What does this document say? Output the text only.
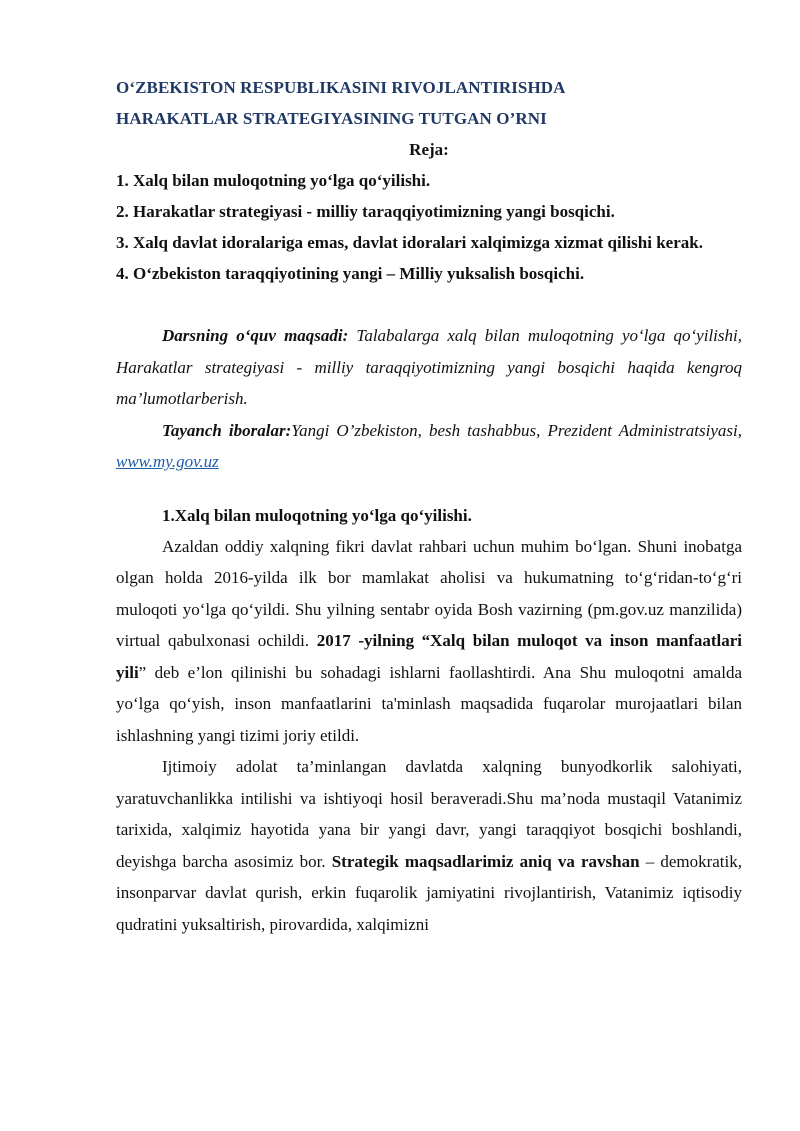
O‘ZBEKISTON RESPUBLIKASINI RIVOJLANTIRISHDA

HARAKATLAR STRATEGIYASINING TUTGAN O’RNI

Reja:

1. Xalq bilan muloqotning yo‘lga qo‘yilishi.

2. Harakatlar strategiyasi - milliy taraqqiyotimizning yangi bosqichi.

3. Xalq davlat idoralariga emas, davlat idoralari xalqimizga xizmat qilishi kerak.

4. O‘zbekiston taraqqiyotining yangi – Milliy yuksalish bosqichi.

Darsning o‘quv maqsadi: Talabalarga xalq bilan muloqotning yo‘lga qo‘yilishi, Harakatlar strategiyasi - milliy taraqqiyotimizning yangi bosqichi haqida kengroq ma’lumotlarberish.

Tayanch iboralar:Yangi O’zbekiston, besh tashabbus, Prezident Administratsiyasi, www.my.gov.uz

1.Xalq bilan muloqotning yo‘lga qo‘yilishi.

Azaldan oddiy xalqning fikri davlat rahbari uchun muhim bo‘lgan. Shuni inobatga olgan holda 2016-yilda ilk bor mamlakat aholisi va hukumatning to‘g‘ridan-to‘g‘ri muloqoti yo‘lga qo‘yildi. Shu yilning sentabr oyida Bosh vazirning (pm.gov.uz manzilida) virtual qabulxonasi ochildi. 2017 -yilning “Xalq bilan muloqot va inson manfaatlari yili” deb e’lon qilinishi bu sohadagi ishlarni faollashtirdi. Ana Shu muloqotni amalda yo‘lga qo‘yish, inson manfaatlarini ta'minlash maqsadida fuqarolar murojaatlari bilan ishlashning yangi tizimi joriy etildi.

Ijtimoiy adolat ta’minlangan davlatda xalqning bunyodkorlik salohiyati, yaratuvchanlikka intilishi va ishtiyoqi hosil beraveradi.Shu ma’noda mustaqil Vatanimiz tarixida, xalqimiz hayotida yana bir yangi davr, yangi taraqqiyot bosqichi boshlandi, deyishga barcha asosimiz bor. Strategik maqsadlarimiz aniq va ravshan – demokratik, insonparvar davlat qurish, erkin fuqarolik jamiyatini rivojlantirish, Vatanimiz iqtisodiy qudratini yuksaltirish, pirovardida, xalqimizni
